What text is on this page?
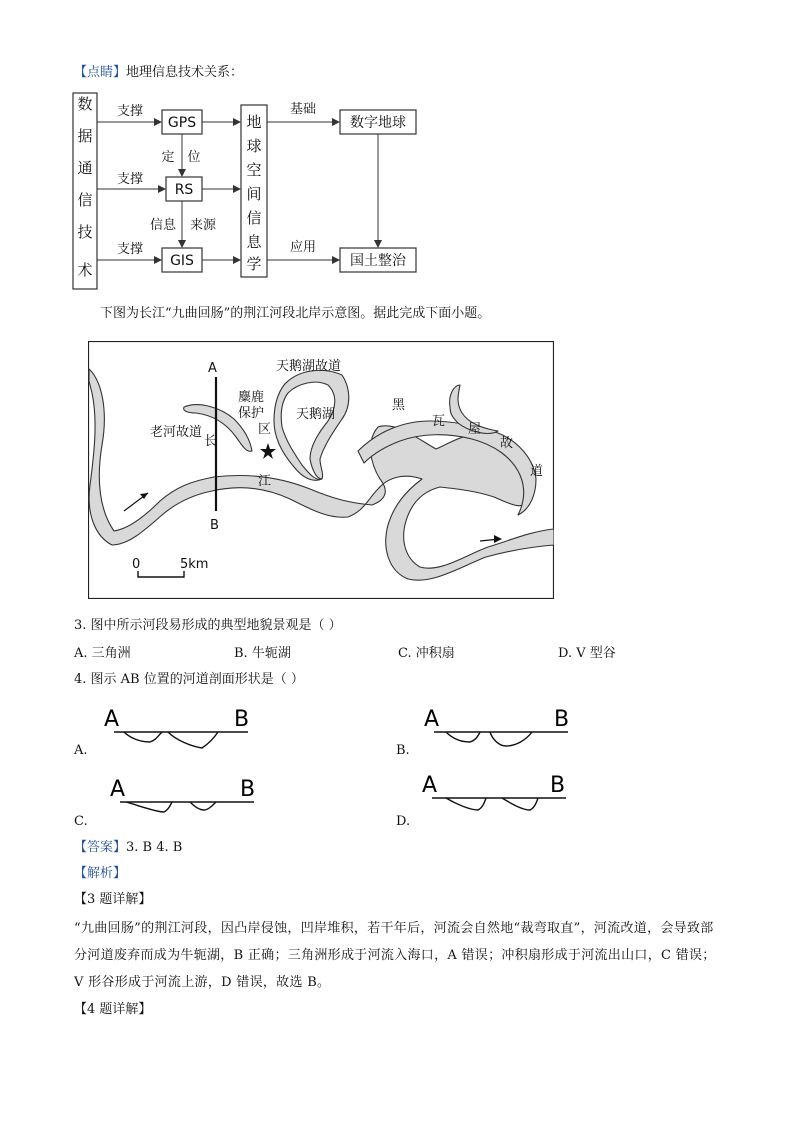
【点睛】地理信息技术关系：
数
据
通
信
技
术
地
球
空
间
信
息
学
GPS
RS
GIS
数字地球
国土整治
支撑
支撑
支撑
定 位
信息 来源
基础
应用
下图为长江“九曲回肠”的荆江河段北岸示意图。据此完成下面小题。
A
B
天鹅湖故道
麋鹿
保护
区
天鹅湖
老河故道
黑
瓦
屋
故
道
长
江
0	5km
3. 图中所示河段易形成的典型地貌景观是（ ）
A. 三角洲	B. 牛轭湖	C. 冲积扇	D. V 型谷
4. 图示 AB 位置的河道剖面形状是（ ）
A	B
A.
A	B
B.
A	B
C.
A	B
D.
【答案】3. B 4. B
【解析】
【3 题详解】
“九曲回肠”的荆江河段，因凸岸侵蚀，凹岸堆积，若干年后，河流会自然地“裁弯取直”，河流改道，会导致部分河道废弃而成为牛轭湖，B 正确；三角洲形成于河流入海口，A 错误；冲积扇形成于河流出山口，C 错误；V 形谷形成于河流上游，D 错误，故选 B。
【4 题详解】
